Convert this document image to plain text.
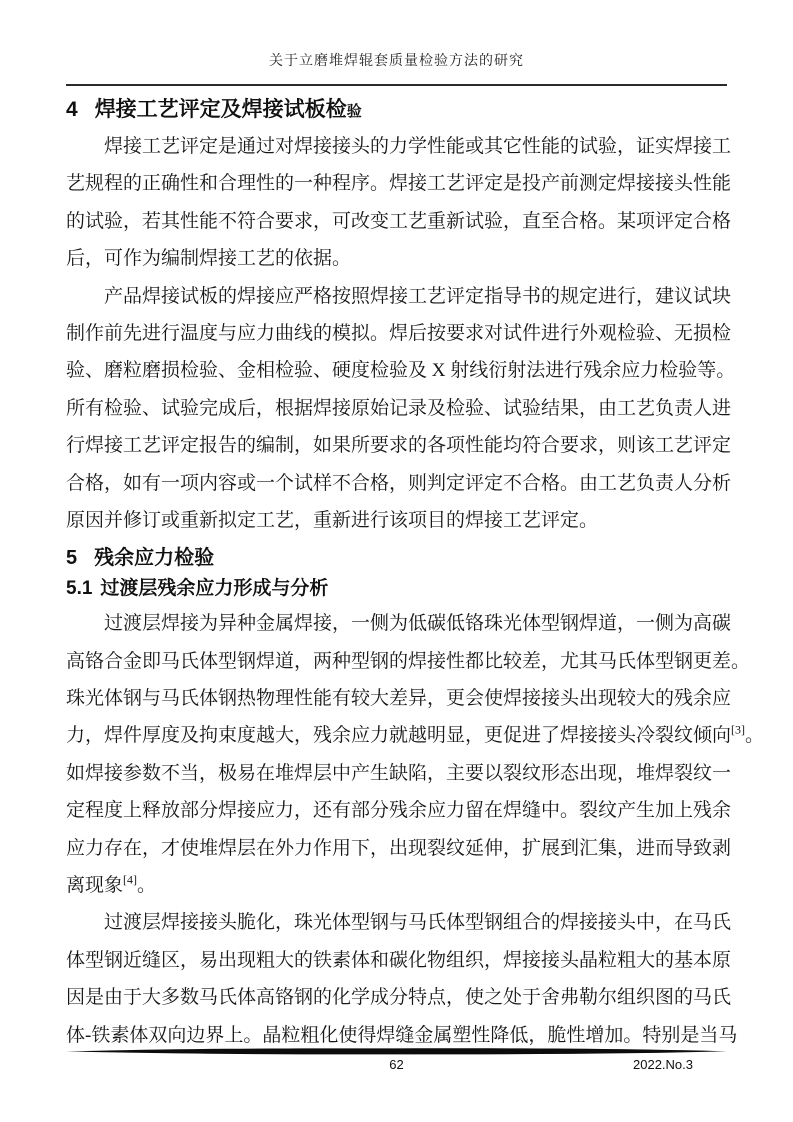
关于立磨堆焊辊套质量检验方法的研究
4 焊接工艺评定及焊接试板检验
焊接工艺评定是通过对焊接接头的力学性能或其它性能的试验，证实焊接工
艺规程的正确性和合理性的一种程序。焊接工艺评定是投产前测定焊接接头性能
的试验，若其性能不符合要求，可改变工艺重新试验，直至合格。某项评定合格
后，可作为编制焊接工艺的依据。
产品焊接试板的焊接应严格按照焊接工艺评定指导书的规定进行，建议试块
制作前先进行温度与应力曲线的模拟。焊后按要求对试件进行外观检验、无损检
验、磨粒磨损检验、金相检验、硬度检验及 X 射线衍射法进行残余应力检验等。
所有检验、试验完成后，根据焊接原始记录及检验、试验结果，由工艺负责人进
行焊接工艺评定报告的编制，如果所要求的各项性能均符合要求，则该工艺评定
合格，如有一项内容或一个试样不合格，则判定评定不合格。由工艺负责人分析
原因并修订或重新拟定工艺，重新进行该项目的焊接工艺评定。
5 残余应力检验
5.1 过渡层残余应力形成与分析
过渡层焊接为异种金属焊接，一侧为低碳低铬珠光体型钢焊道，一侧为高碳
高铬合金即马氏体型钢焊道，两种型钢的焊接性都比较差，尤其马氏体型钢更差。
珠光体钢与马氏体钢热物理性能有较大差异，更会使焊接接头出现较大的残余应
力，焊件厚度及拘束度越大，残余应力就越明显，更促进了焊接接头冷裂纹倾向[3]。
如焊接参数不当，极易在堆焊层中产生缺陷，主要以裂纹形态出现，堆焊裂纹一
定程度上释放部分焊接应力，还有部分残余应力留在焊缝中。裂纹产生加上残余
应力存在，才使堆焊层在外力作用下，出现裂纹延伸，扩展到汇集，进而导致剥
离现象[4]。
过渡层焊接接头脆化，珠光体型钢与马氏体型钢组合的焊接接头中，在马氏
体型钢近缝区，易出现粗大的铁素体和碳化物组织，焊接接头晶粒粗大的基本原
因是由于大多数马氏体高铬钢的化学成分特点，使之处于舍弗勒尔组织图的马氏
体-铁素体双向边界上。晶粒粗化使得焊缝金属塑性降低，脆性增加。特别是当马
62	2022.No.3
